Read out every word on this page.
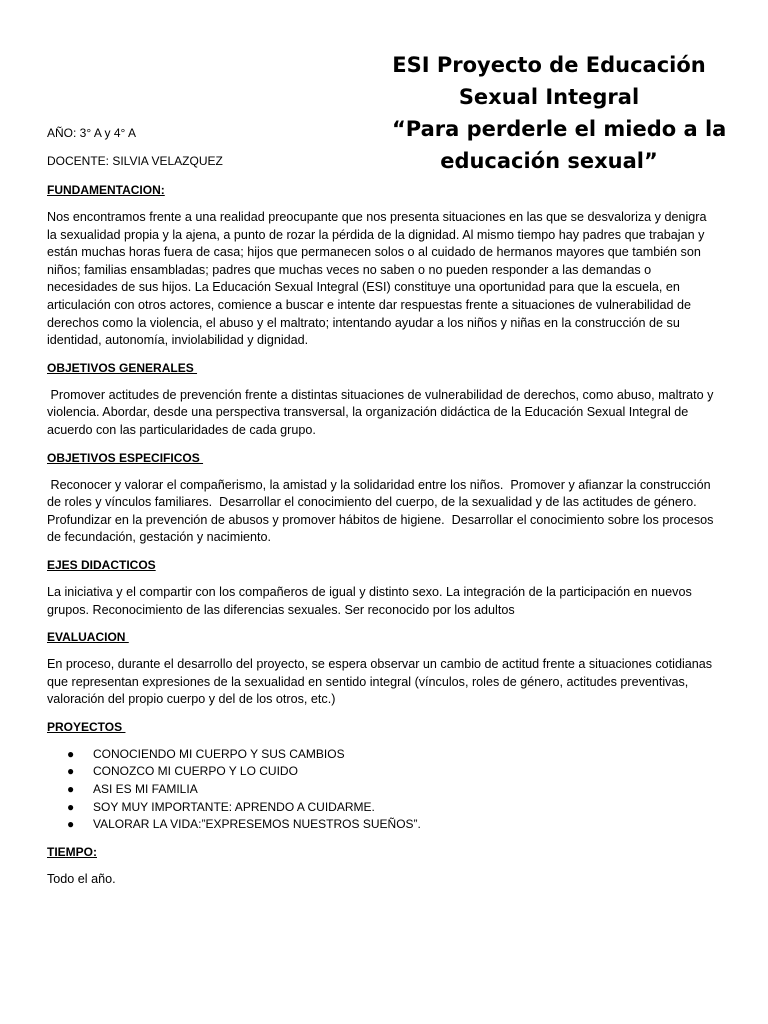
ESI Proyecto de Educación
Sexual Integral
“Para perderle el miedo a la
educación sexual”
AÑO: 3° A y 4° A
DOCENTE: SILVIA VELAZQUEZ
FUNDAMENTACION:
Nos encontramos frente a una realidad preocupante que nos presenta situaciones en las que se desvaloriza y denigra la sexualidad propia y la ajena, a punto de rozar la pérdida de la dignidad. Al mismo tiempo hay padres que trabajan y están muchas horas fuera de casa; hijos que permanecen solos o al cuidado de hermanos mayores que también son niños; familias ensambladas; padres que muchas veces no saben o no pueden responder a las demandas o necesidades de sus hijos. La Educación Sexual Integral (ESI) constituye una oportunidad para que la escuela, en articulación con otros actores, comience a buscar e intente dar respuestas frente a situaciones de vulnerabilidad de derechos como la violencia, el abuso y el maltrato; intentando ayudar a los niños y niñas en la construcción de su identidad, autonomía, inviolabilidad y dignidad.
OBJETIVOS GENERALES
Promover actitudes de prevención frente a distintas situaciones de vulnerabilidad de derechos, como abuso, maltrato y violencia. Abordar, desde una perspectiva transversal, la organización didáctica de la Educación Sexual Integral de acuerdo con las particularidades de cada grupo.
OBJETIVOS ESPECIFICOS
Reconocer y valorar el compañerismo, la amistad y la solidaridad entre los niños.  Promover y afianzar la construcción de roles y vínculos familiares.  Desarrollar el conocimiento del cuerpo, de la sexualidad y de las actitudes de género.  Profundizar en la prevención de abusos y promover hábitos de higiene.  Desarrollar el conocimiento sobre los procesos de fecundación, gestación y nacimiento.
EJES DIDACTICOS
La iniciativa y el compartir con los compañeros de igual y distinto sexo. La integración de la participación en nuevos grupos. Reconocimiento de las diferencias sexuales. Ser reconocido por los adultos
EVALUACION
En proceso, durante el desarrollo del proyecto, se espera observar un cambio de actitud frente a situaciones cotidianas que representan expresiones de la sexualidad en sentido integral (vínculos, roles de género, actitudes preventivas, valoración del propio cuerpo y del de los otros, etc.)
PROYECTOS
● CONOCIENDO MI CUERPO Y SUS CAMBIOS
● CONOZCO MI CUERPO Y LO CUIDO
● ASI ES MI FAMILIA
● SOY MUY IMPORTANTE: APRENDO A CUIDARME.
● VALORAR LA VIDA:”EXPRESEMOS NUESTROS SUEÑOS”.
TIEMPO:
Todo el año.
